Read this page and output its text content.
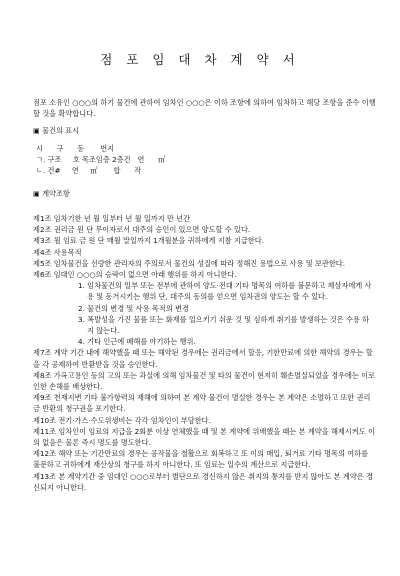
점 포 임 대 차 계 약 서
점포 소유인 ○○○의 하기 물건에 관하여 임차인 ○○○은 이하 조항에 의하여 임차하고 해당 조항을 준수 이행할 것을 확약합니다.
▣ 물건의 표시
시      구      동       번지
ㄱ. 구조     호 목조임층 2층건   연      ㎡
ㄴ. 건#     연     ㎡       합      작
▣ 계약조항

제1조 임차기한 년 월 일부터 년 월 일까지 만 년간

제2조 권리금 원 단 무이자로서 대주의 승인이 있으면 양도할 수 있다.

제3조 월 임료 금 원 단 매월 말일까지 1개월분을 귀하에게 지참 지급한다.

제4조 사용목적

제5조 임차물건을 선량한 관리자의 주의로서 물건의 성질에 따라 정해진 용법으로 사용 및 보관한다.

제6조 임대인 ○○○의 승락이 없으면 아래 행위를 하지 아니한다.

1. 임차물건의 일부 또는 전부에 관하여 양도·전대 기타 명목의 여하를 불문하고 제삼자에게 사용 및 동거시키는 행위 단, 대주의 동의를 얻으면 임차권의 양도는 할 수 있다.

2. 물건의 변경 및 사용 목적의 변경

3. 폭발성을 가진 물품 또는 화재를 일으키기 쉬운 것 및 심하게 취기를 발생하는 것은 수용 하지 않는다.

4. 기타 인근에 폐해를 야기하는 행위.

제7조 계약 기간 내에 해약했을 때 또는 해약된 경우에는 권리금에서 할응, 기한만료에 의한 해약의 경우는 할을 각 공제하여 반환받을 것을 승인한다.

제8조 가옥고용인 등의 고의 또는 과실에 의해 임차물건 및 타의 물건이 현저히 훼손멸실되었을 경우에는 이로 인한 손해를 배상한다.

제9조 천재지변 기타 불가항력의 재해에 의하여 본 계약 물건이 멸실한 경우는 본 계약은 소멸하고 또한 권리금 반환의 청구권을 포기한다.

제10조 전기·가스·수도위생비는 각각 임차인이 부담한다.

제11조 임차인이 임료의 지급을 2회분 이상 연체했을 때 및 본 계약에 위배했을 때는 본 계약을 해제시켜도 이의 없음은 물론 즉시 명도를 명도한다.

제12조 해약 또는 기간만료의 경우는 공작물을 철활으로 회복하고 또 이의 매입, 퇴거료 기타 명목의 여하를 불문하고 귀하에게 재산상의 청구를 하지 아니한다. 또 임료는 일수의 계산으로 지급한다.

제13조 본 계약기간 중 임대인 ○○○로부터 별단으로 경신하지 않은 취지의 통지를 받지 않아도 본 계약은 경신되지 아니한다.
